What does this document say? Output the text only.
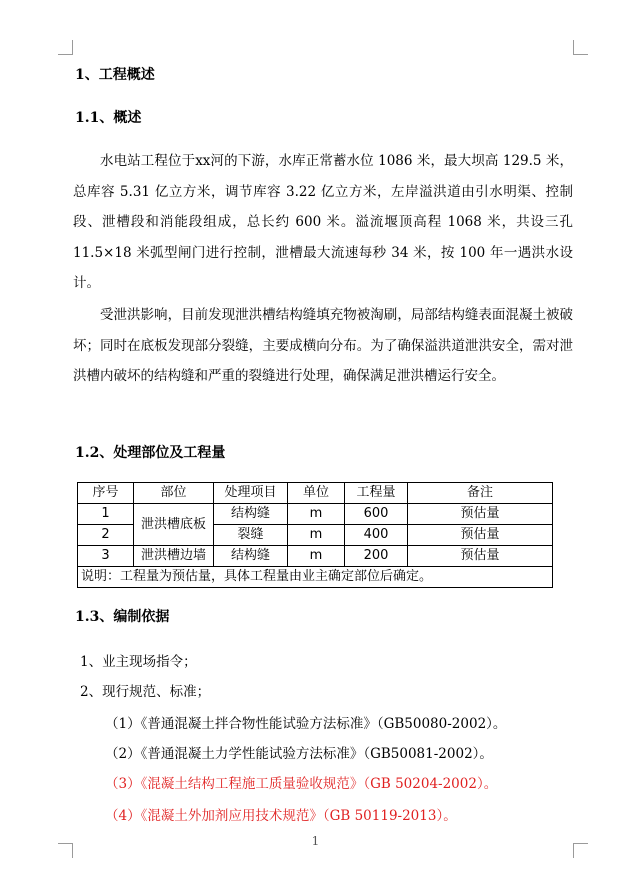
1、工程概述
1.1、概述
水电站工程位于xx河的下游，水库正常蓄水位 1086 米，最大坝高 129.5 米，总库容 5.31 亿立方米，调节库容 3.22 亿立方米，左岸溢洪道由引水明渠、控制段、泄槽段和消能段组成，总长约 600 米。溢流堰顶高程 1068 米，共设三孔 11.5×18 米弧型闸门进行控制，泄槽最大流速每秒 34 米，按 100 年一遇洪水设计。
受泄洪影响，目前发现泄洪槽结构缝填充物被淘刷，局部结构缝表面混凝土被破坏；同时在底板发现部分裂缝，主要成横向分布。为了确保溢洪道泄洪安全，需对泄洪槽内破坏的结构缝和严重的裂缝进行处理，确保满足泄洪槽运行安全。
1.2、处理部位及工程量
序号	部位	处理项目	单位	工程量	备注
1	泄洪槽底板	结构缝	m	600	预估量
2		裂缝	m	400	预估量
3	泄洪槽边墙	结构缝	m	200	预估量
说明：工程量为预估量，具体工程量由业主确定部位后确定。					
1.3、编制依据
1、业主现场指令；
2、现行规范、标准；
（1）《普通混凝土拌合物性能试验方法标准》（GB50080-2002）。
（2）《普通混凝土力学性能试验方法标准》（GB50081-2002）。
（3）《混凝土结构工程施工质量验收规范》（GB 50204-2002）。
（4）《混凝土外加剂应用技术规范》（GB 50119-2013）。
1
